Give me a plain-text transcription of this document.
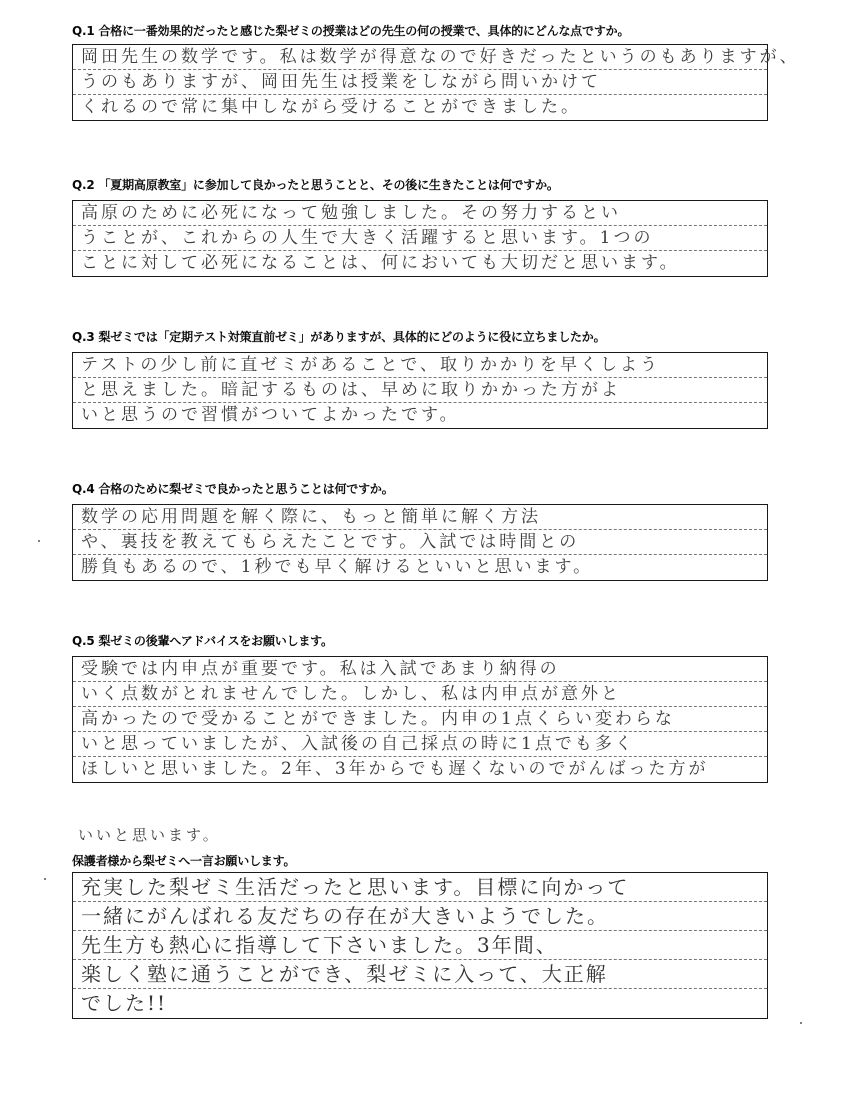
Q.1 合格に一番効果的だったと感じた梨ゼミの授業はどの先生の何の授業で、具体的にどんな点ですか。
岡田先生の数学です。私は数学が得意なので好きだったというのもありますが、
うのもありますが、岡田先生は授業をしながら問いかけて
くれるので常に集中しながら受けることができました。
Q.2 「夏期高原教室」に参加して良かったと思うことと、その後に生きたことは何ですか。
高原のために必死になって勉強しました。その努力するとい
うことが、これからの人生で大きく活躍すると思います。1つの
ことに対して必死になることは、何においても大切だと思います。
Q.3 梨ゼミでは「定期テスト対策直前ゼミ」がありますが、具体的にどのように役に立ちましたか。
テストの少し前に直ゼミがあることで、取りかかりを早くしよう
と思えました。暗記するものは、早めに取りかかった方がよ
いと思うので習慣がついてよかったです。
Q.4 合格のために梨ゼミで良かったと思うことは何ですか。
数学の応用問題を解く際に、もっと簡単に解く方法
や、裏技を教えてもらえたことです。入試では時間との
勝負もあるので、1秒でも早く解けるといいと思います。
Q.5 梨ゼミの後輩へアドバイスをお願いします。
受験では内申点が重要です。私は入試であまり納得の
いく点数がとれませんでした。しかし、私は内申点が意外と
高かったので受かることができました。内申の1点くらい変わらな
いと思っていましたが、入試後の自己採点の時に1点でも多く
ほしいと思いました。2年、3年からでも遅くないのでがんばった方が
いいと思います。
保護者様から梨ゼミへ一言お願いします。
充実した梨ゼミ生活だったと思います。目標に向かって
一緒にがんばれる友だちの存在が大きいようでした。
先生方も熱心に指導して下さいました。3年間、
楽しく塾に通うことができ、梨ゼミに入って、大正解
でした!!
